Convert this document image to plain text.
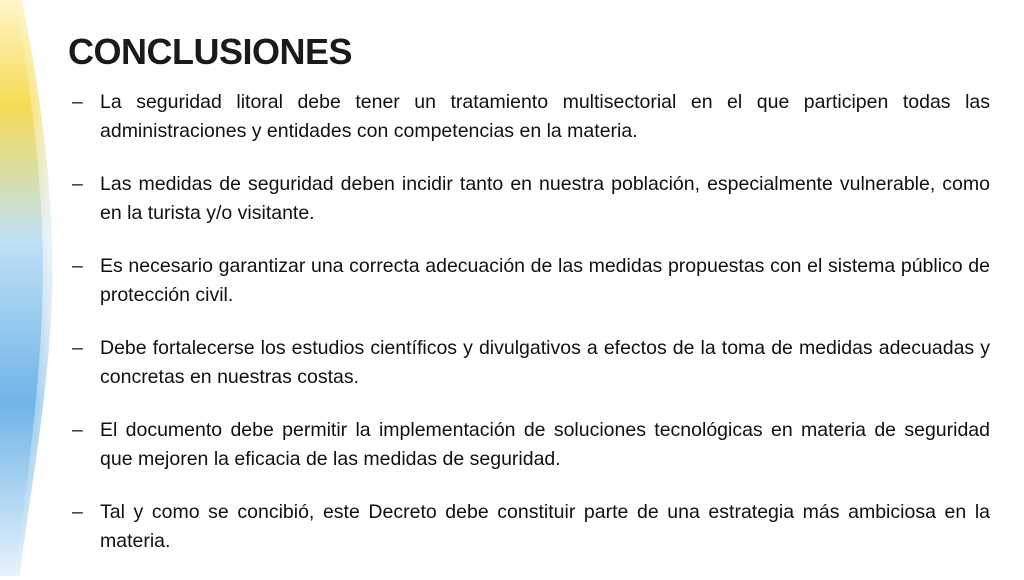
CONCLUSIONES
– La seguridad litoral debe tener un tratamiento multisectorial en el que participen todas las administraciones y entidades con competencias en la materia.
– Las medidas de seguridad deben incidir tanto en nuestra población, especialmente vulnerable, como en la turista y/o visitante.
– Es necesario garantizar una correcta adecuación de las medidas propuestas con el sistema público de protección civil.
– Debe fortalecerse los estudios científicos y divulgativos a efectos de la toma de medidas adecuadas y concretas en nuestras costas.
– El documento debe permitir la implementación de soluciones tecnológicas en materia de seguridad que mejoren la eficacia de las medidas de seguridad.
– Tal y como se concibió, este Decreto debe constituir parte de una estrategia más ambiciosa en la materia.
